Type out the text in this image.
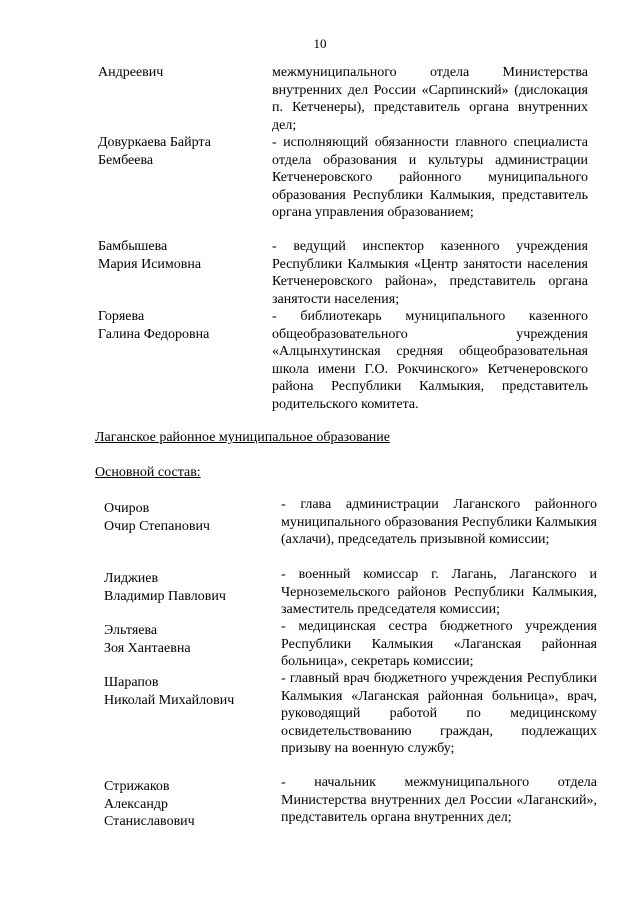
10
Андреевич	межмуниципального отдела Министерства внутренних дел России «Сарпинский» (дислокация п. Кетченеры), представитель органа внутренних дел;
Довуркаева Байрта
Бембеева
- исполняющий обязанности главного специалиста отдела образования и культуры администрации Кетченеровского районного муниципального образования Республики Калмыкия, представитель органа управления образованием;
Бамбышева
Мария Исимовна
- ведущий инспектор казенного учреждения Республики Калмыкия «Центр занятости населения Кетченеровского района», представитель органа занятости населения;
Горяева
Галина Федоровна
- библиотекарь муниципального казенного общеобразовательного учреждения «Алцынхутинская средняя общеобразовательная школа имени Г.О. Рокчинского» Кетченеровского района Республики Калмыкия, представитель родительского комитета.
Лаганское районное муниципальное образование
Основной состав:
Очиров
Очир Степанович
- глава администрации Лаганского районного муниципального образования Республики Калмыкия (ахлачи), председатель призывной комиссии;
Лиджиев
Владимир Павлович
- военный комиссар г. Лагань, Лаганского и Черноземельского районов Республики Калмыкия, заместитель председателя комиссии;
Эльтяева
Зоя Хантаевна
- медицинская сестра бюджетного учреждения Республики Калмыкия «Лаганская районная больница», секретарь комиссии;
Шарапов
Николай Михайлович
- главный врач бюджетного учреждения Республики Калмыкия «Лаганская районная больница», врач, руководящий работой по медицинскому освидетельствованию граждан, подлежащих призыву на военную службу;
Стрижаков
Александр
Станиславович
- начальник межмуниципального отдела Министерства внутренних дел России «Лаганский», представитель органа внутренних дел;
